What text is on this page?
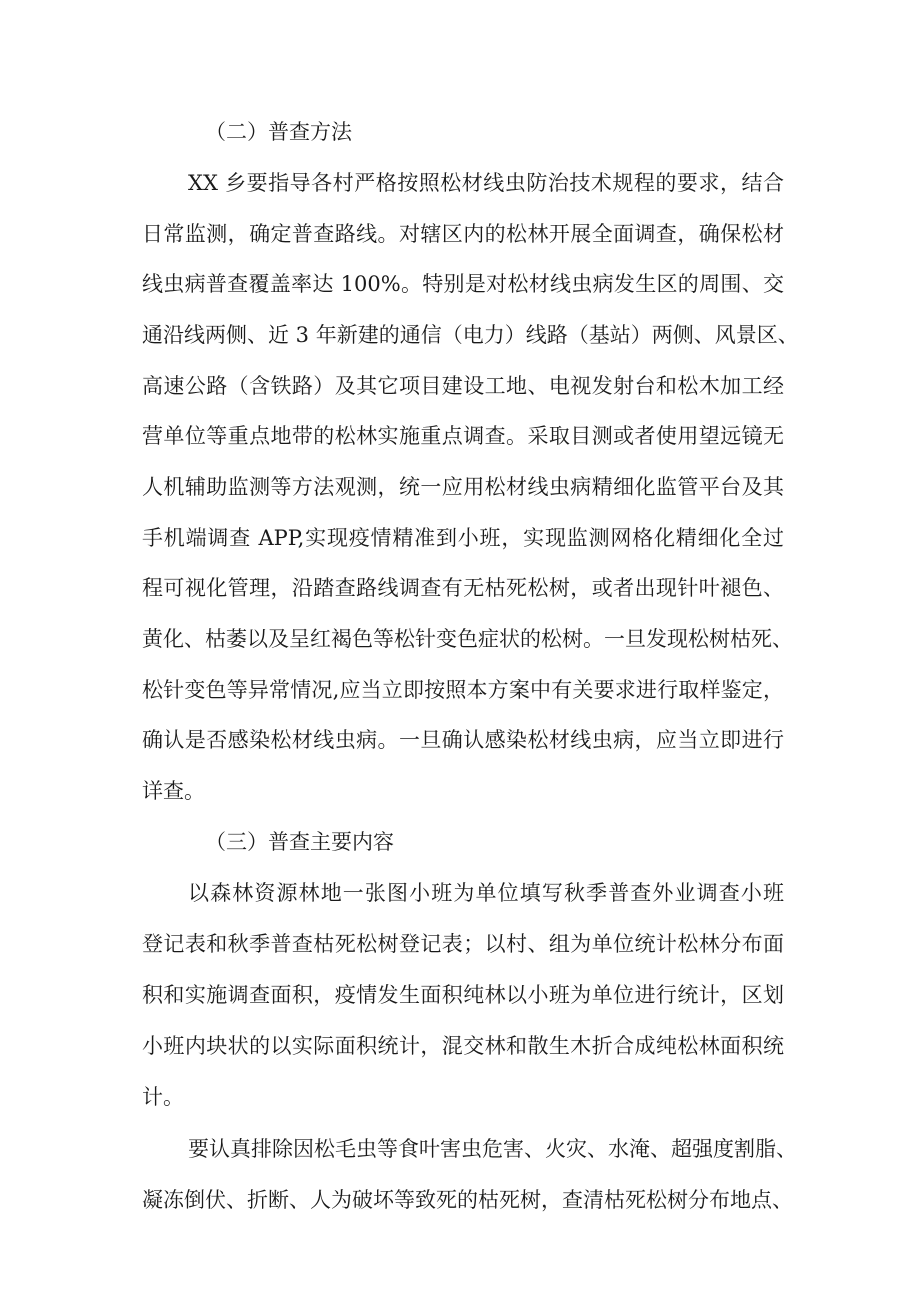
（二）普查方法
XX 乡要指导各村严格按照松材线虫防治技术规程的要求，结合
日常监测，确定普查路线。对辖区内的松林开展全面调查，确保松材
线虫病普查覆盖率达 100%。特别是对松材线虫病发生区的周围、交
通沿线两侧、近 3 年新建的通信（电力）线路（基站）两侧、风景区、
高速公路（含铁路）及其它项目建设工地、电视发射台和松木加工经
营单位等重点地带的松林实施重点调查。采取目测或者使用望远镜无
人机辅助监测等方法观测，统一应用松材线虫病精细化监管平台及其
手机端调查 APP,实现疫情精准到小班，实现监测网格化精细化全过
程可视化管理，沿踏查路线调查有无枯死松树，或者出现针叶褪色、
黄化、枯萎以及呈红褐色等松针变色症状的松树。一旦发现松树枯死、
松针变色等异常情况,应当立即按照本方案中有关要求进行取样鉴定，
确认是否感染松材线虫病。一旦确认感染松材线虫病，应当立即进行
详查。
（三）普查主要内容
以森林资源林地一张图小班为单位填写秋季普查外业调查小班
登记表和秋季普查枯死松树登记表；以村、组为单位统计松林分布面
积和实施调查面积，疫情发生面积纯林以小班为单位进行统计，区划
小班内块状的以实际面积统计，混交林和散生木折合成纯松林面积统
计。
要认真排除因松毛虫等食叶害虫危害、火灾、水淹、超强度割脂、
凝冻倒伏、折断、人为破坏等致死的枯死树，查清枯死松树分布地点、
